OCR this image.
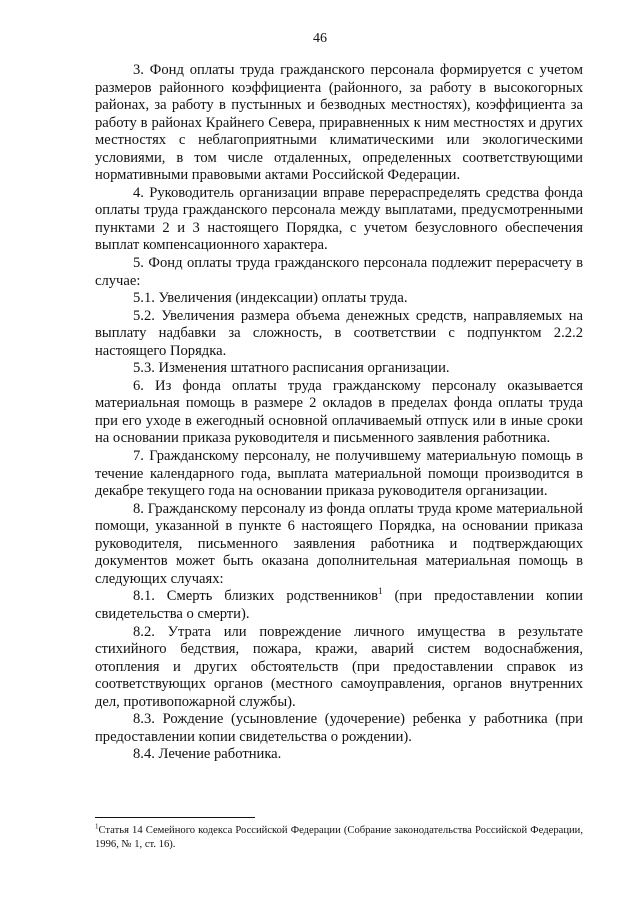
46

3. Фонд оплаты труда гражданского персонала формируется с учетом размеров районного коэффициента (районного, за работу в высокогорных районах, за работу в пустынных и безводных местностях), коэффициента за работу в районах Крайнего Севера, приравненных к ним местностях и других местностях с неблагоприятными климатическими или экологическими условиями, в том числе отдаленных, определенных соответствующими нормативными правовыми актами Российской Федерации.

4. Руководитель организации вправе перераспределять средства фонда оплаты труда гражданского персонала между выплатами, предусмотренными пунктами 2 и 3 настоящего Порядка, с учетом безусловного обеспечения выплат компенсационного характера.

5. Фонд оплаты труда гражданского персонала подлежит перерасчету в случае:

5.1. Увеличения (индексации) оплаты труда.

5.2. Увеличения размера объема денежных средств, направляемых на выплату надбавки за сложность, в соответствии с подпунктом 2.2.2 настоящего Порядка.

5.3. Изменения штатного расписания организации.

6. Из фонда оплаты труда гражданскому персоналу оказывается материальная помощь в размере 2 окладов в пределах фонда оплаты труда при его уходе в ежегодный основной оплачиваемый отпуск или в иные сроки на основании приказа руководителя и письменного заявления работника.

7. Гражданскому персоналу, не получившему материальную помощь в течение календарного года, выплата материальной помощи производится в декабре текущего года на основании приказа руководителя организации.

8. Гражданскому персоналу из фонда оплаты труда кроме материальной помощи, указанной в пункте 6 настоящего Порядка, на основании приказа руководителя, письменного заявления работника и подтверждающих документов может быть оказана дополнительная материальная помощь в следующих случаях:

8.1. Смерть близких родственников$^1$ (при предоставлении копии свидетельства о смерти).

8.2. Утрата или повреждение личного имущества в результате стихийного бедствия, пожара, кражи, аварий систем водоснабжения, отопления и других обстоятельств (при предоставлении справок из соответствующих органов (местного самоуправления, органов внутренних дел, противопожарной службы).

8.3. Рождение (усыновление (удочерение) ребенка у работника (при предоставлении копии свидетельства о рождении).

8.4. Лечение работника.

$^1$Статья 14 Семейного кодекса Российской Федерации (Собрание законодательства Российской Федерации, 1996, № 1, ст. 16).
